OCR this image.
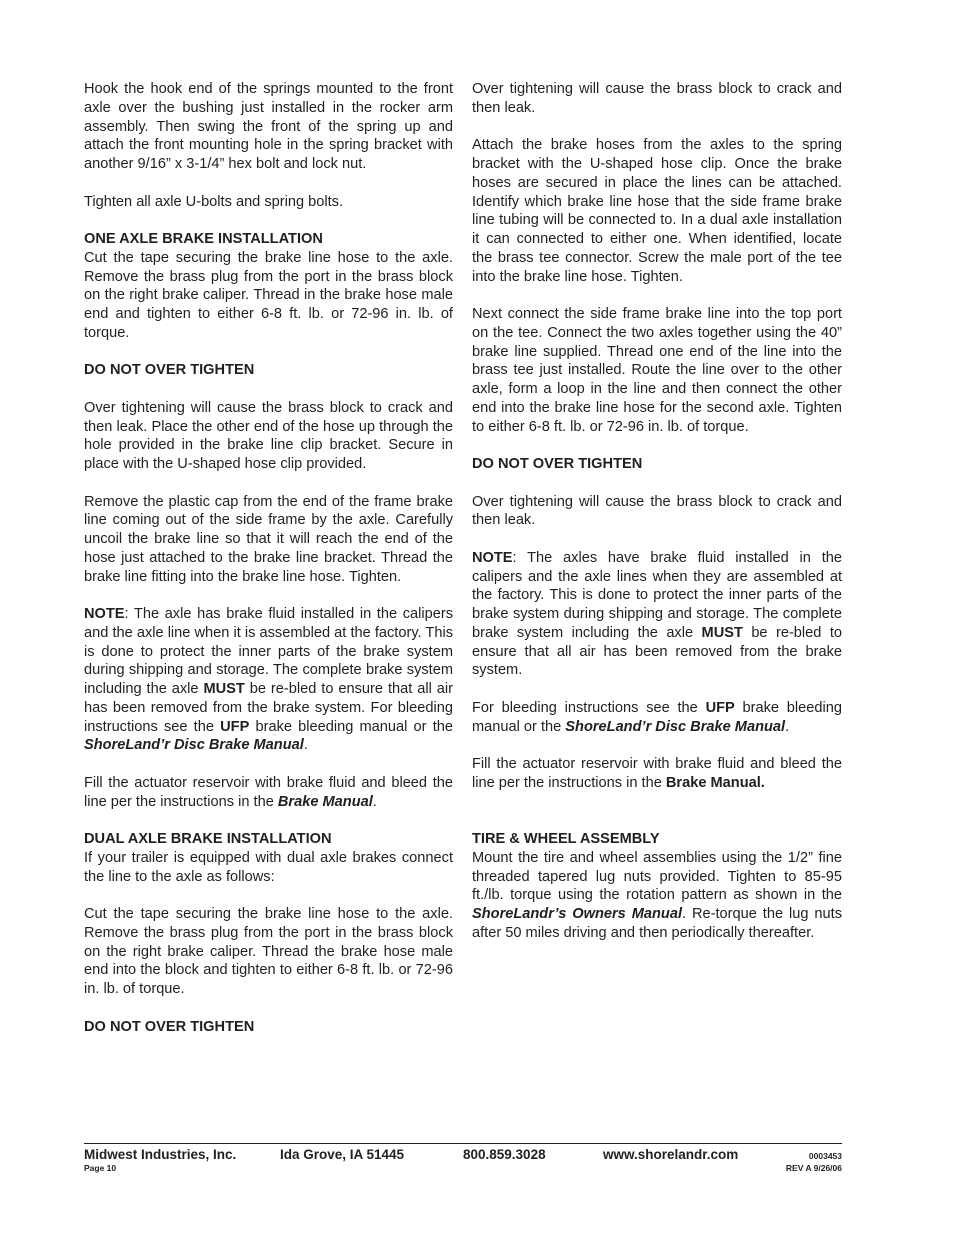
Hook the hook end of the springs mounted to the front axle over the bushing just installed in the rocker arm assembly. Then swing the front of the spring up and attach the front mounting hole in the spring bracket with another 9/16” x 3-1/4” hex bolt and lock nut.

Tighten all axle U-bolts and spring bolts.

ONE AXLE BRAKE INSTALLATION

Cut the tape securing the brake line hose to the axle. Remove the brass plug from the port in the brass block on the right brake caliper. Thread in the brake hose male end and tighten to either 6-8 ft. lb. or 72-96 in. lb. of torque.

DO NOT OVER TIGHTEN

Over tightening will cause the brass block to crack and then leak. Place the other end of the hose up through the hole provided in the brake line clip bracket. Secure in place with the U-shaped hose clip provided.

Remove the plastic cap from the end of the frame brake line coming out of the side frame by the axle. Carefully uncoil the brake line so that it will reach the end of the hose just attached to the brake line bracket. Thread the brake line fitting into the brake line hose. Tighten.

NOTE: The axle has brake fluid installed in the calipers and the axle line when it is assembled at the factory. This is done to protect the inner parts of the brake system during shipping and storage. The complete brake system including the axle MUST be re-bled to ensure that all air has been removed from the brake system. For bleeding instructions see the UFP brake bleeding manual or the ShoreLand’r Disc Brake Manual.

Fill the actuator reservoir with brake fluid and bleed the line per the instructions in the Brake Manual.

DUAL AXLE BRAKE INSTALLATION

If your trailer is equipped with dual axle brakes connect the line to the axle as follows:

Cut the tape securing the brake line hose to the axle. Remove the brass plug from the port in the brass block on the right brake caliper. Thread the brake hose male end into the block and tighten to either 6-8 ft. lb. or 72-96 in. lb. of torque.

DO NOT OVER TIGHTEN

Over tightening will cause the brass block to crack and then leak.

Attach the brake hoses from the axles to the spring bracket with the U-shaped hose clip. Once the brake hoses are secured in place the lines can be attached. Identify which brake line hose that the side frame brake line tubing will be connected to. In a dual axle installation it can connected to either one. When identified, locate the brass tee connector. Screw the male port of the tee into the brake line hose. Tighten.

Next connect the side frame brake line into the top port on the tee. Connect the two axles together using the 40” brake line supplied. Thread one end of the line into the brass tee just installed. Route the line over to the other axle, form a loop in the line and then connect the other end into the brake line hose for the second axle. Tighten to either 6-8 ft. lb. or 72-96 in. lb. of torque.

DO NOT OVER TIGHTEN

Over tightening will cause the brass block to crack and then leak.

NOTE: The axles have brake fluid installed in the calipers and the axle lines when they are assembled at the factory. This is done to protect the inner parts of the brake system during shipping and storage. The complete brake system including the axle MUST be re-bled to ensure that all air has been removed from the brake system.

For bleeding instructions see the UFP brake bleeding manual or the ShoreLand’r Disc Brake Manual.

Fill the actuator reservoir with brake fluid and bleed the line per the instructions in the Brake Manual.

TIRE & WHEEL ASSEMBLY

Mount the tire and wheel assemblies using the 1/2” fine threaded tapered lug nuts provided. Tighten to 85-95 ft./lb. torque using the rotation pattern as shown in the ShoreLandr’s Owners Manual. Re-torque the lug nuts after 50 miles driving and then periodically thereafter.

Midwest Industries, Inc.	Ida Grove, IA 51445	800.859.3028	www.shorelandr.com
Page 10
0003453
REV A 9/26/06
